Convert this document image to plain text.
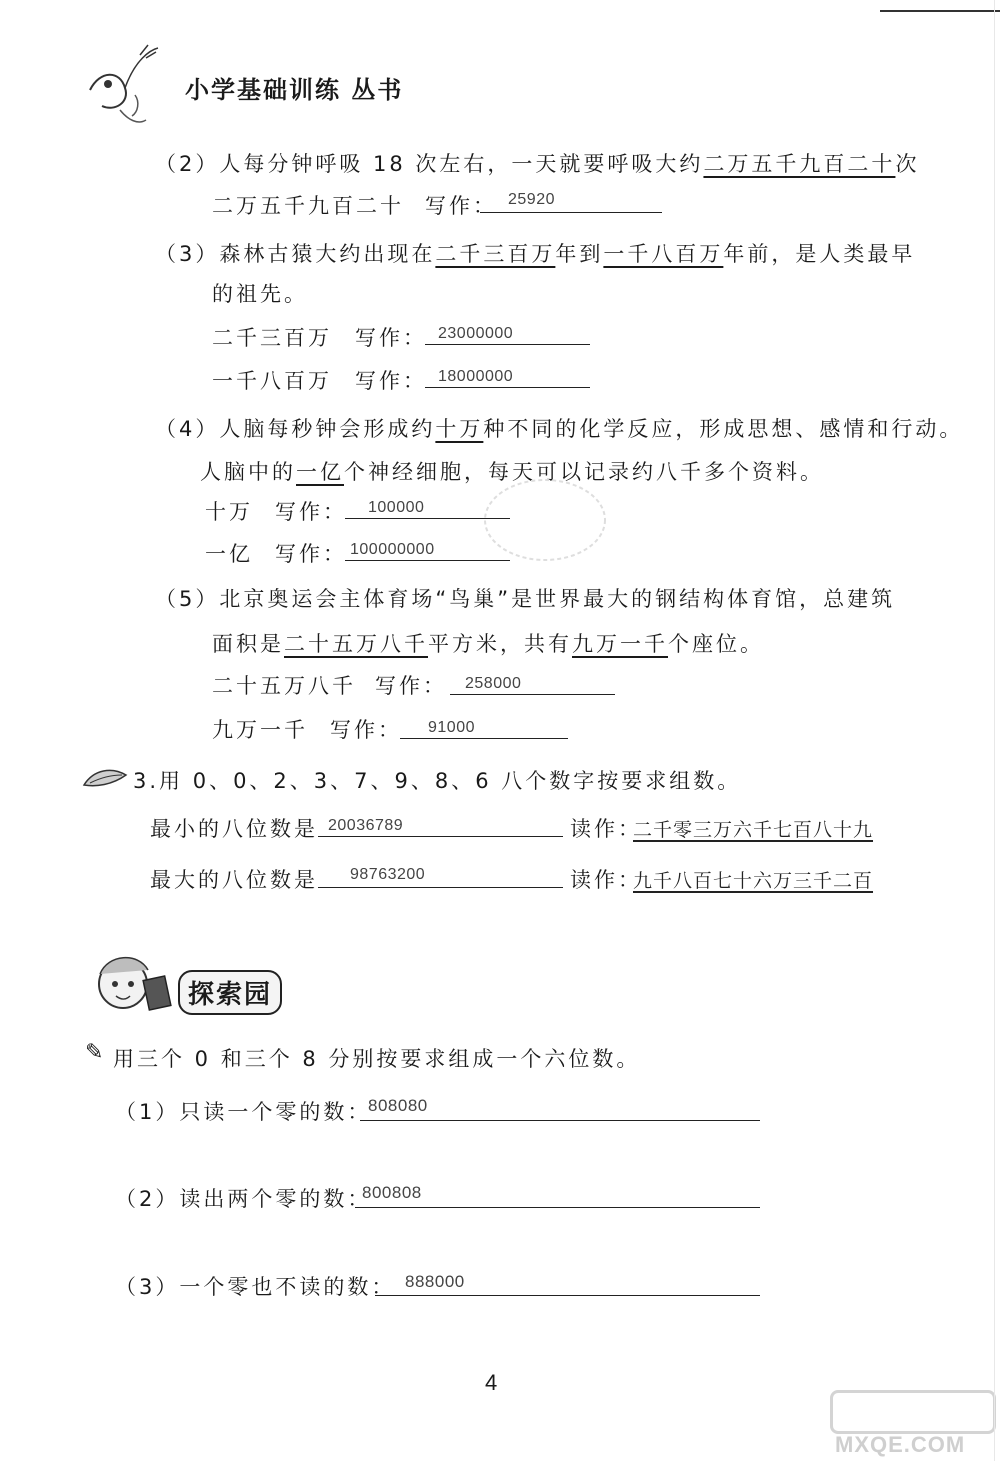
小学基础训练 丛书
（2）人每分钟呼吸 18 次左右，一天就要呼吸大约二万五千九百二十次
二万五千九百二十 写作： 25920
（3）森林古猿大约出现在二千三百万年到一千八百万年前，是人类最早
的祖先。
二千三百万 写作： 23000000
一千八百万 写作： 18000000
（4）人脑每秒钟会形成约十万种不同的化学反应，形成思想、感情和行动。
人脑中的一亿个神经细胞，每天可以记录约八千多个资料。
十万 写作： 100000
一亿 写作： 100000000
（5）北京奥运会主体育场“鸟巢”是世界最大的钢结构体育馆，总建筑
面积是二十五万八千平方米，共有九万一千个座位。
二十五万八千 写作： 258000
九万一千 写作： 91000
3.用 0、0、2、3、7、9、8、6 八个数字按要求组数。
最小的八位数是 20036789	读作：
二千零三万六千七百八十九
最大的八位数是 98763200	读作：
九千八百七十六万三千二百
探索园
✎ 用三个 0 和三个 8 分别按要求组成一个六位数。
（1）只读一个零的数：
808080
（2）读出两个零的数：
800808
（3）一个零也不读的数： 888000
4
MXQE.COM
